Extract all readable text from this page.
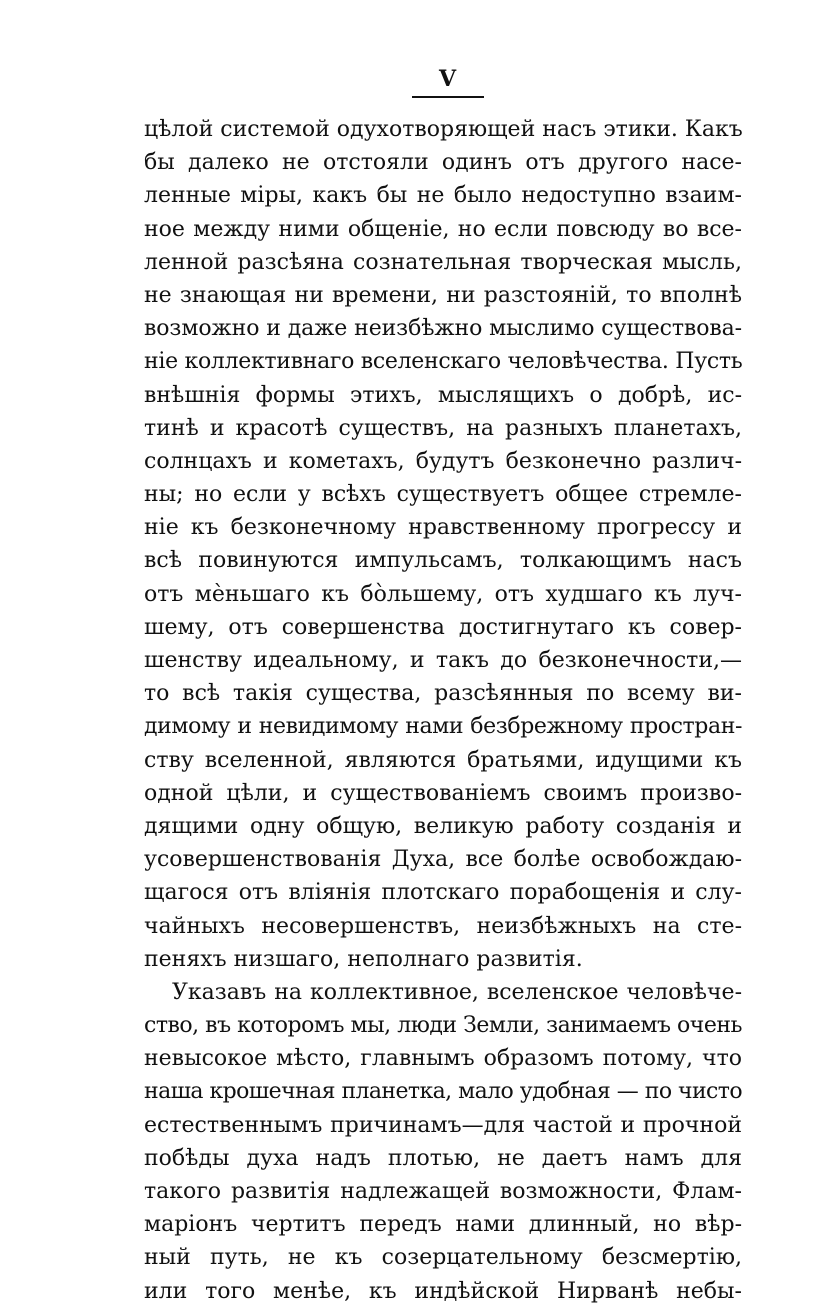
V
цѣлой системой одухотворяющей насъ этики. Какъ
бы далеко не отстояли одинъ отъ другого насе-
ленные міры, какъ бы не было недоступно взаим-
ное между ними общеніе, но если повсюду во все-
ленной разсѣяна сознательная творческая мысль,
не знающая ни времени, ни разстояній, то вполнѣ
возможно и даже неизбѣжно мыслимо существова-
ніе коллективнаго вселенскаго человѣчества. Пусть
внѣшнія формы этихъ, мыслящихъ о добрѣ, ис-
тинѣ и красотѣ существъ, на разныхъ планетахъ,
солнцахъ и кометахъ, будутъ безконечно различ-
ны; но если у всѣхъ существуетъ общее стремле-
ніе къ безконечному нравственному прогрессу и
всѣ повинуются импульсамъ, толкающимъ насъ
отъ мѐньшаго къ бо̀льшему, отъ худшаго къ луч-
шему, отъ совершенства достигнутаго къ совер-
шенству идеальному, и такъ до безконечности,—
то всѣ такія существа, разсѣянныя по всему ви-
димому и невидимому нами безбрежному простран-
ству вселенной, являются братьями, идущими къ
одной цѣли, и существованіемъ своимъ произво-
дящими одну общую, великую работу созданія и
усовершенствованія Духа, все болѣе освобождаю-
щагося отъ вліянія плотскаго порабощенія и слу-
чайныхъ несовершенствъ, неизбѣжныхъ на сте-
пеняхъ низшаго, неполнаго развитія.
Указавъ на коллективное, вселенское человѣче-
ство, въ которомъ мы, люди Земли, занимаемъ очень
невысокое мѣсто, главнымъ образомъ потому, что
наша крошечная планетка, мало удобная — по чисто
естественнымъ причинамъ—для частой и прочной
побѣды духа надъ плотью, не даетъ намъ для
такого развитія надлежащей возможности, Флам-
маріонъ чертитъ передъ нами длинный, но вѣр-
ный путь, не къ созерцательному безсмертію,
или того менѣе, къ индѣйской Нирванѣ небы-
